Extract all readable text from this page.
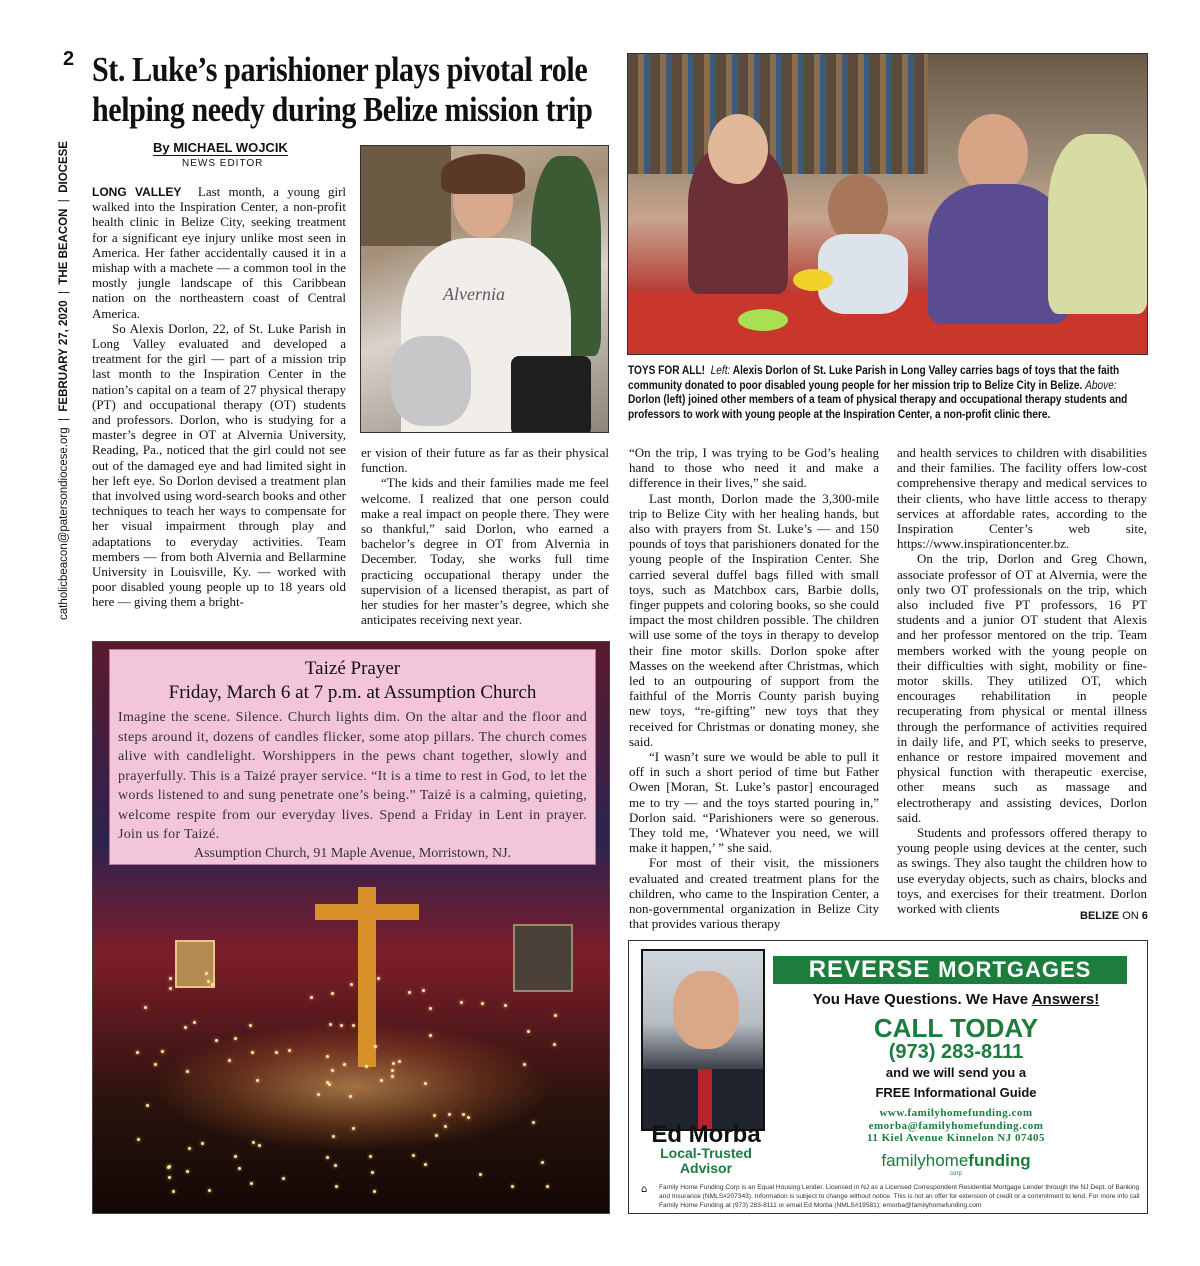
2
catholicbeacon@patersondiocese.org  |  FEBRUARY 27, 2020  |  THE BEACON  |  DIOCESE
St. Luke’s parishioner plays pivotal role helping needy during Belize mission trip
By MICHAEL WOJCIK
NEWS EDITOR

LONG VALLEY Last month, a young girl walked into the Inspiration Center, a non-profit health clinic in Belize City, seeking treatment for a significant eye injury unlike most seen in America. Her father accidentally caused it in a mishap with a machete — a common tool in the mostly jungle landscape of this Caribbean nation on the northeastern coast of Central America.

So Alexis Dorlon, 22, of St. Luke Parish in Long Valley evaluated and developed a treatment for the girl — part of a mission trip last month to the Inspiration Center in the nation’s capital on a team of 27 physical therapy (PT) and occupational therapy (OT) students and professors. Dorlon, who is studying for a master’s degree in OT at Alvernia University, Reading, Pa., noticed that the girl could not see out of the damaged eye and had limited sight in her left eye. So Dorlon devised a treatment plan that involved using word-search books and other techniques to teach her ways to compensate for her visual impairment through play and adaptations to everyday activities. Team members — from both Alvernia and Bellarmine University in Louisville, Ky. — worked with poor disabled young people up to 18 years old here — giving them a bright-

Alvernia
TOYS FOR ALL! Left: Alexis Dorlon of St. Luke Parish in Long Valley carries bags of toys that the faith community donated to poor disabled young people for her mission trip to Belize City in Belize. Above: Dorlon (left) joined other members of a team of physical therapy and occupational therapy students and professors to work with young people at the Inspiration Center, a non-profit clinic there.

er vision of their future as far as their physical function.

“The kids and their families made me feel welcome. I realized that one person could make a real impact on people there. They were so thankful,” said Dorlon, who earned a bachelor’s degree in OT from Alvernia in December. Today, she works full time practicing occupational therapy under the supervision of a licensed therapist, as part of her studies for her master’s degree, which she anticipates receiving next year.

“On the trip, I was trying to be God’s healing hand to those who need it and make a difference in their lives,” she said.

Last month, Dorlon made the 3,300-mile trip to Belize City with her healing hands, but also with prayers from St. Luke’s — and 150 pounds of toys that parishioners donated for the young people of the Inspiration Center. She carried several duffel bags filled with small toys, such as Matchbox cars, Barbie dolls, finger puppets and coloring books, so she could impact the most children possible. The children will use some of the toys in therapy to develop their fine motor skills. Dorlon spoke after Masses on the weekend after Christmas, which led to an outpouring of support from the faithful of the Morris County parish buying new toys, “re-gifting” new toys that they received for Christmas or donating money, she said.

“I wasn’t sure we would be able to pull it off in such a short period of time but Father Owen [Moran, St. Luke’s pastor] encouraged me to try — and the toys started pouring in,” Dorlon said. “Parishioners were so generous. They told me, ‘Whatever you need, we will make it happen,’ ” she said.

For most of their visit, the missioners evaluated and created treatment plans for the children, who came to the Inspiration Center, a non-governmental organization in Belize City that provides various therapy

and health services to children with disabilities and their families. The facility offers low-cost comprehensive therapy and medical services to their clients, who have little access to therapy services at affordable rates, according to the Inspiration Center’s web site, https://www.inspirationcenter.bz.

On the trip, Dorlon and Greg Chown, associate professor of OT at Alvernia, were the only two OT professionals on the trip, which also included five PT professors, 16 PT students and a junior OT student that Alexis and her professor mentored on the trip. Team members worked with the young people on their difficulties with sight, mobility or fine-motor skills. They utilized OT, which encourages rehabilitation in people recuperating from physical or mental illness through the performance of activities required in daily life, and PT, which seeks to preserve, enhance or restore impaired movement and physical function with therapeutic exercise, other means such as massage and electrotherapy and assisting devices, Dorlon said.

Students and professors offered therapy to young people using devices at the center, such as swings. They also taught the children how to use everyday objects, such as chairs, blocks and toys, and exercises for their treatment. Dorlon worked with clients	BELIZE ON 6
Taizé Prayer
Friday, March 6 at 7 p.m. at Assumption Church
Imagine the scene. Silence. Church lights dim. On the altar and the floor and steps around it, dozens of candles flicker, some atop pillars. The church comes alive with candlelight. Worshippers in the pews chant together, slowly and prayerfully. This is a Taizé prayer service. “It is a time to rest in God, to let the words listened to and sung penetrate one’s being.” Taizé is a calming, quieting, welcome respite from our everyday lives. Spend a Friday in Lent in prayer. Join us for Taizé.
Assumption Church, 91 Maple Avenue, Morristown, NJ.
Ed Morba
Local-Trusted
Advisor
REVERSE MORTGAGES
You Have Questions. We Have Answers!
CALL TODAY
(973) 283-8111
and we will send you a
FREE Informational Guide
www.familyhomefunding.com
emorba@familyhomefunding.com
11 Kiel Avenue Kinnelon NJ 07405
familyhomefunding
corp
⌂	Family Home Funding Corp is an Equal Housing Lender. Licensed in NJ as a Licensed Correspondent Residential Mortgage Lender through the NJ Dept. of Banking and Insurance (NMLS#207343). Information is subject to change without notice. This is not an offer for extension of credit or a commitment to lend. For more info call Family Home Funding at (973) 283-8111 or email Ed Morba (NMLS#19581): emorba@familyhomefunding.com
